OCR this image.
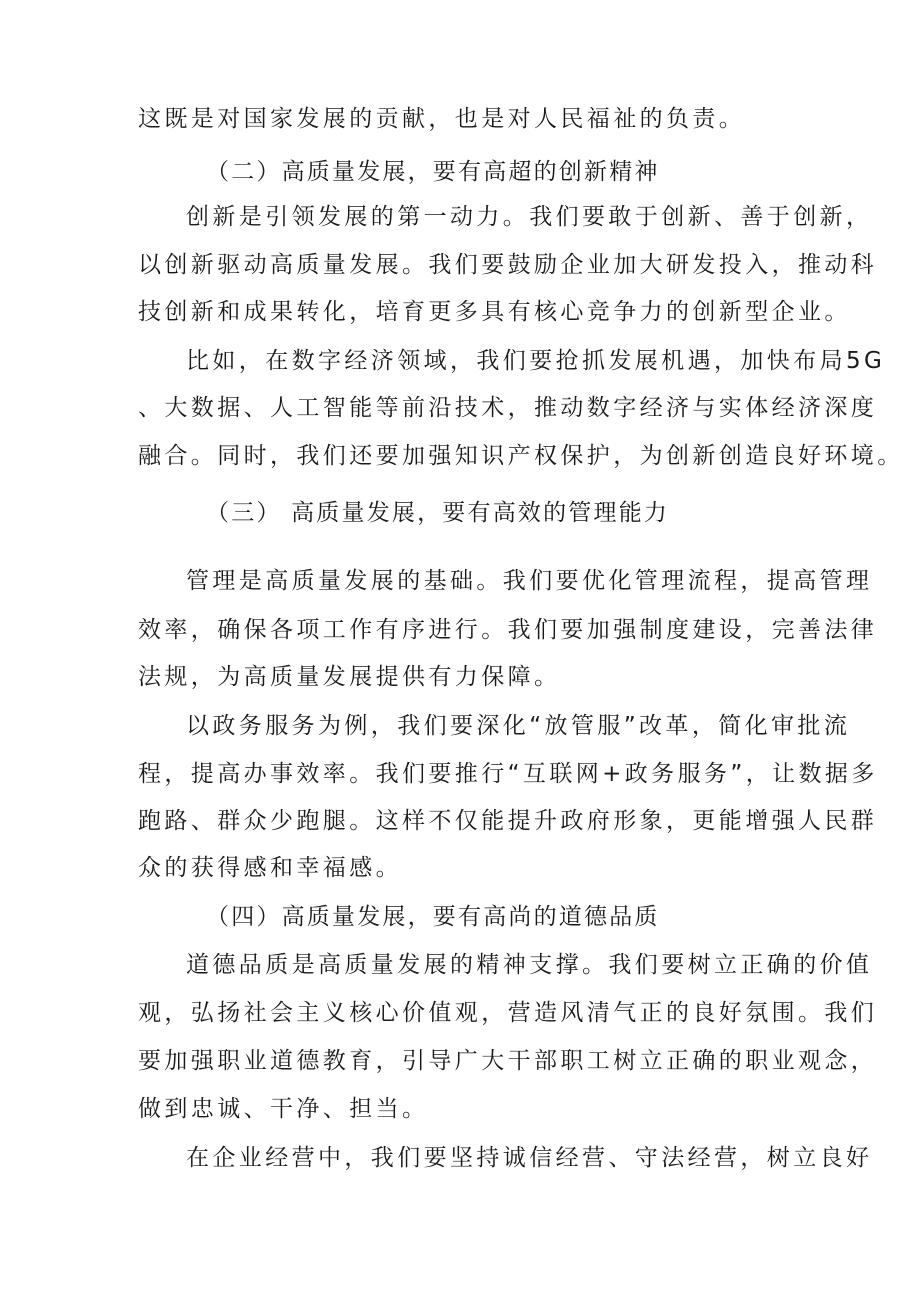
这既是对国家发展的贡献，也是对人民福祉的负责。

（二）高质量发展，要有高超的创新精神

创新是引领发展的第一动力。我们要敢于创新、善于创新，

以创新驱动高质量发展。我们要鼓励企业加大研发投入，推动科

技创新和成果转化，培育更多具有核心竞争力的创新型企业。

比如，在数字经济领域，我们要抢抓发展机遇，加快布局5G

、大数据、人工智能等前沿技术，推动数字经济与实体经济深度

融合。同时，我们还要加强知识产权保护，为创新创造良好环境。

（三） 高质量发展，要有高效的管理能力

管理是高质量发展的基础。我们要优化管理流程，提高管理

效率，确保各项工作有序进行。我们要加强制度建设，完善法律

法规，为高质量发展提供有力保障。

以政务服务为例，我们要深化“放管服”改革，简化审批流

程，提高办事效率。我们要推行“互联网+政务服务”，让数据多

跑路、群众少跑腿。这样不仅能提升政府形象，更能增强人民群

众的获得感和幸福感。

（四）高质量发展，要有高尚的道德品质

道德品质是高质量发展的精神支撑。我们要树立正确的价值

观，弘扬社会主义核心价值观，营造风清气正的良好氛围。我们

要加强职业道德教育，引导广大干部职工树立正确的职业观念，

做到忠诚、干净、担当。

在企业经营中，我们要坚持诚信经营、守法经营，树立良好
